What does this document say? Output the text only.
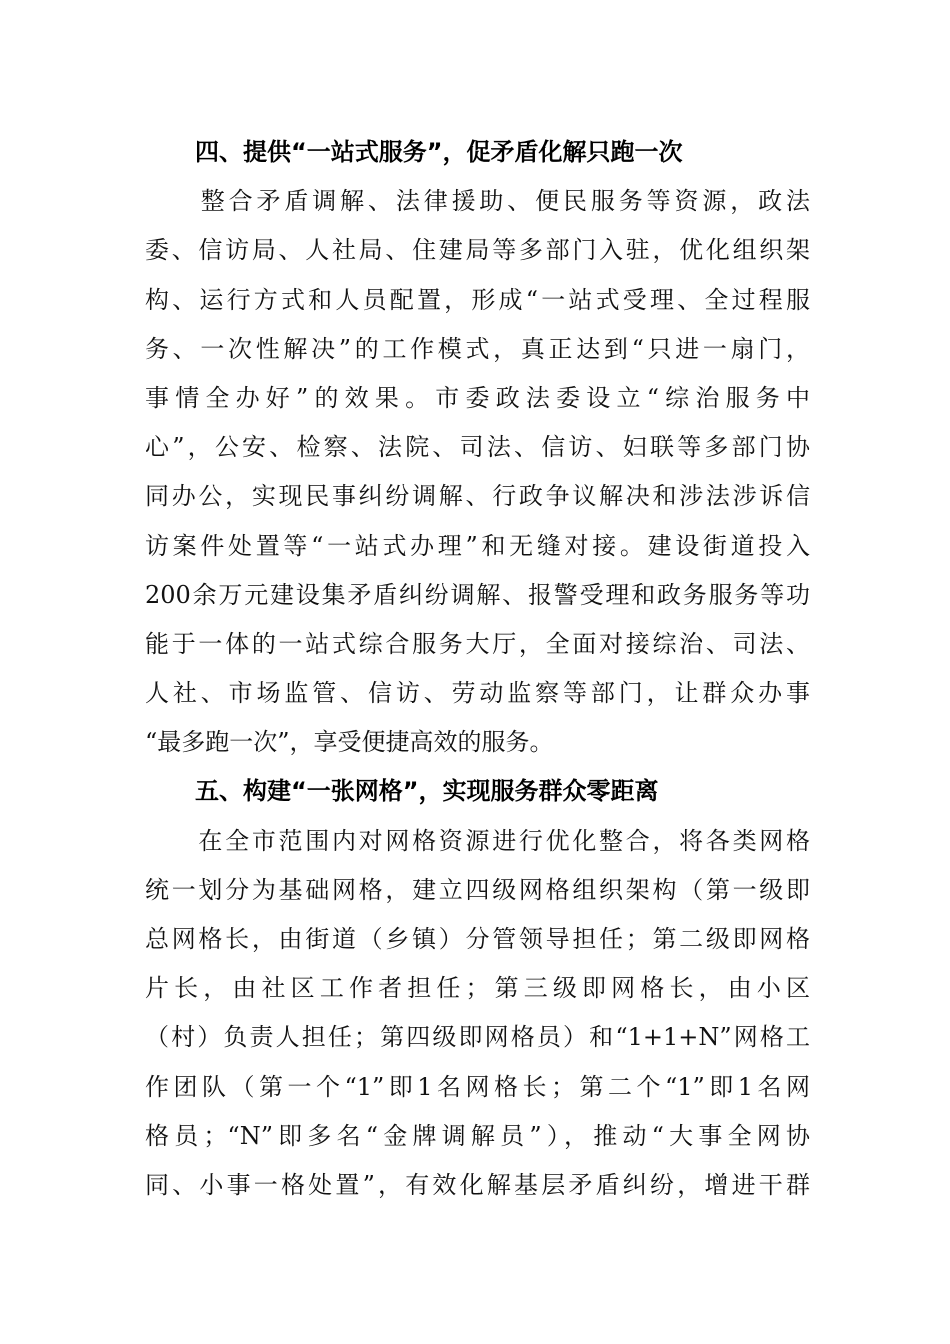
四、提供“一站式服务”，促矛盾化解只跑一次
　　整合矛盾调解、法律援助、便民服务等资源，政法
委、信访局、人社局、住建局等多部门入驻，优化组织架
构、运行方式和人员配置，形成“一站式受理、全过程服
务、一次性解决”的工作模式，真正达到“只进一扇门，
事情全办好”的效果。市委政法委设立“综治服务中
心”，公安、检察、法院、司法、信访、妇联等多部门协
同办公，实现民事纠纷调解、行政争议解决和涉法涉诉信
访案件处置等“一站式办理”和无缝对接。建设街道投入
200余万元建设集矛盾纠纷调解、报警受理和政务服务等功
能于一体的一站式综合服务大厅，全面对接综治、司法、
人社、市场监管、信访、劳动监察等部门，让群众办事
“最多跑一次”，享受便捷高效的服务。
五、构建“一张网格”，实现服务群众零距离
　　在全市范围内对网格资源进行优化整合，将各类网格
统一划分为基础网格，建立四级网格组织架构（第一级即
总网格长，由街道（乡镇）分管领导担任；第二级即网格
片长，由社区工作者担任；第三级即网格长，由小区
（村）负责人担任；第四级即网格员）和“1+1+N”网格工
作团队（第一个“1”即1名网格长；第二个“1”即1名网
格员；“N”即多名“金牌调解员”），推动“大事全网协
同、小事一格处置”，有效化解基层矛盾纠纷，增进干群
